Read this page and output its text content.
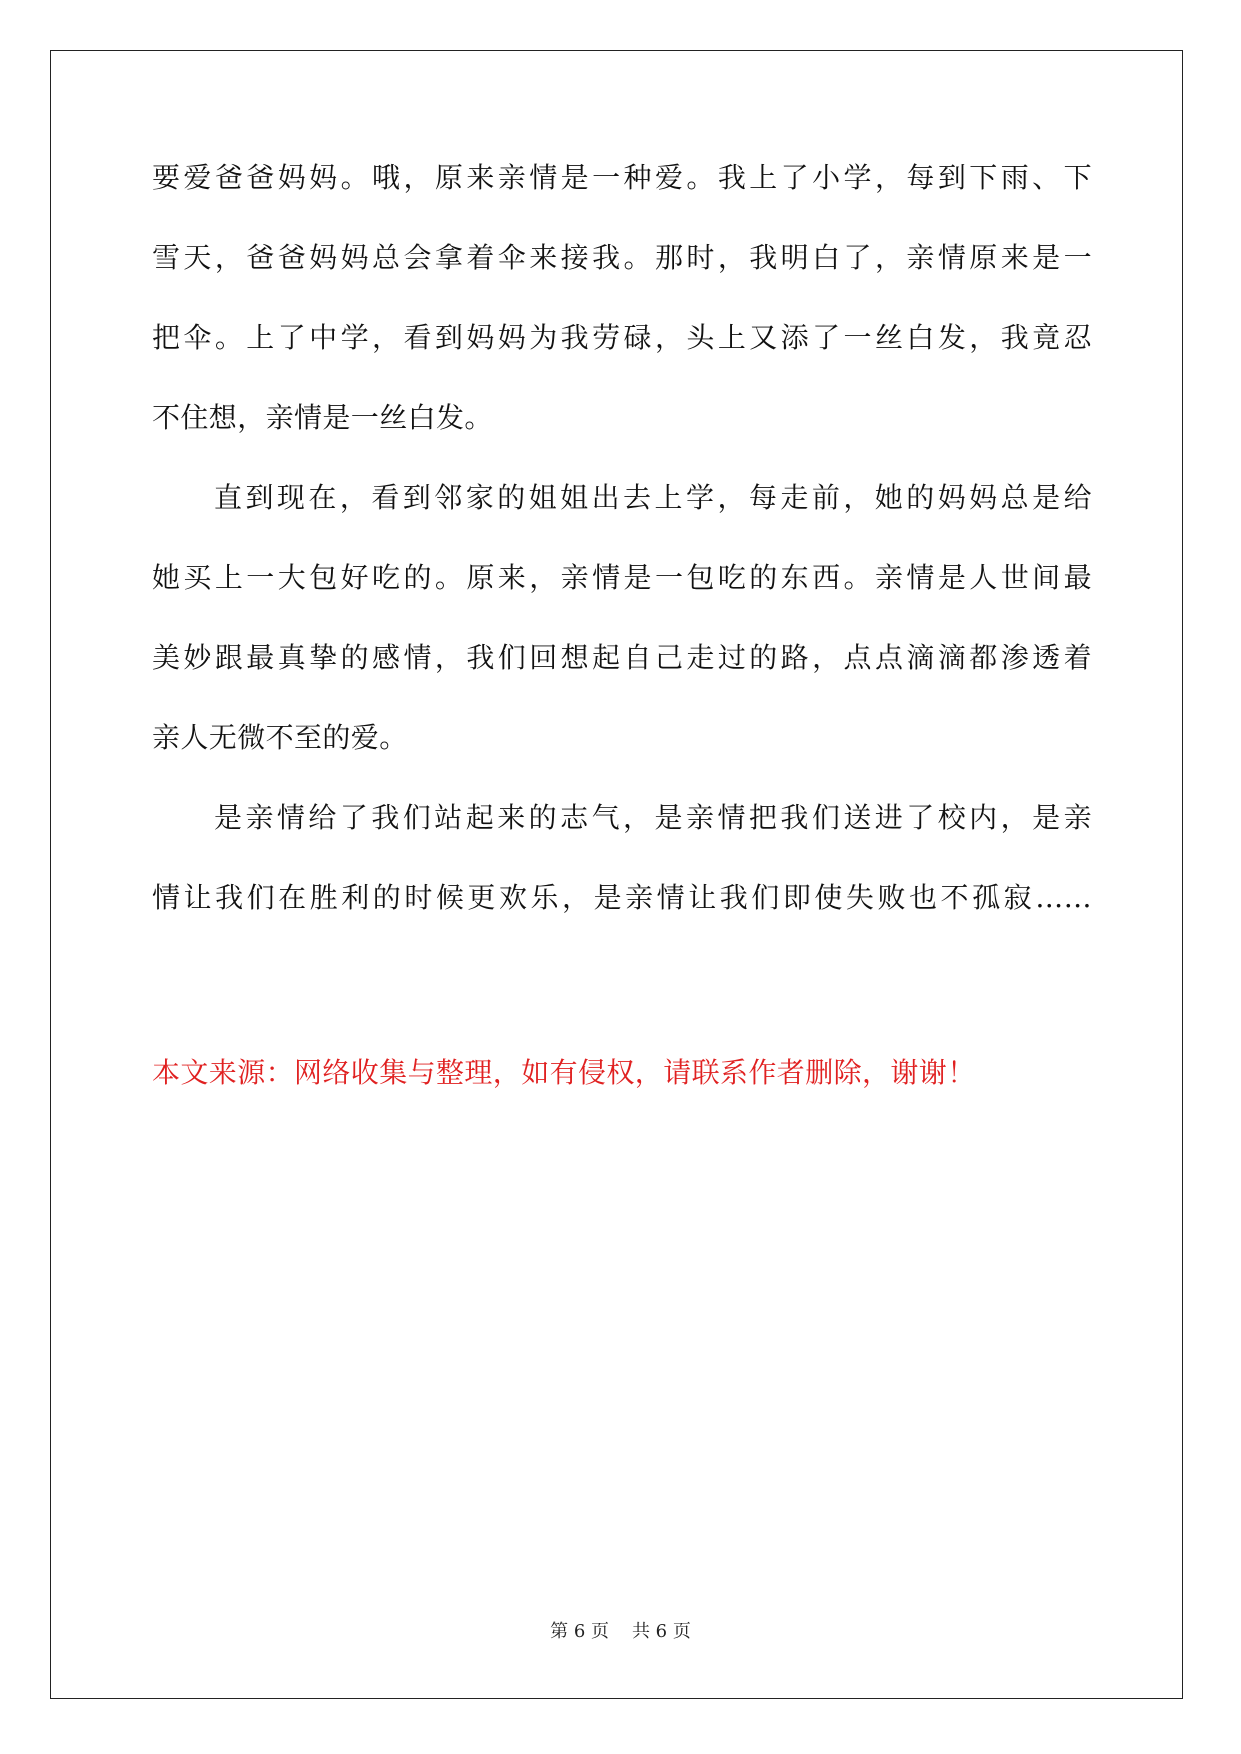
要爱爸爸妈妈。哦，原来亲情是一种爱。我上了小学，每到下雨、下
雪天，爸爸妈妈总会拿着伞来接我。那时，我明白了，亲情原来是一
把伞。上了中学，看到妈妈为我劳碌，头上又添了一丝白发，我竟忍
不住想，亲情是一丝白发。
直到现在，看到邻家的姐姐出去上学，每走前，她的妈妈总是给
她买上一大包好吃的。原来，亲情是一包吃的东西。亲情是人世间最
美妙跟最真挚的感情，我们回想起自己走过的路，点点滴滴都渗透着
亲人无微不至的爱。
是亲情给了我们站起来的志气，是亲情把我们送进了校内，是亲
情让我们在胜利的时候更欢乐，是亲情让我们即使失败也不孤寂……
本文来源：网络收集与整理，如有侵权，请联系作者删除，谢谢！
第 6 页 共 6 页
